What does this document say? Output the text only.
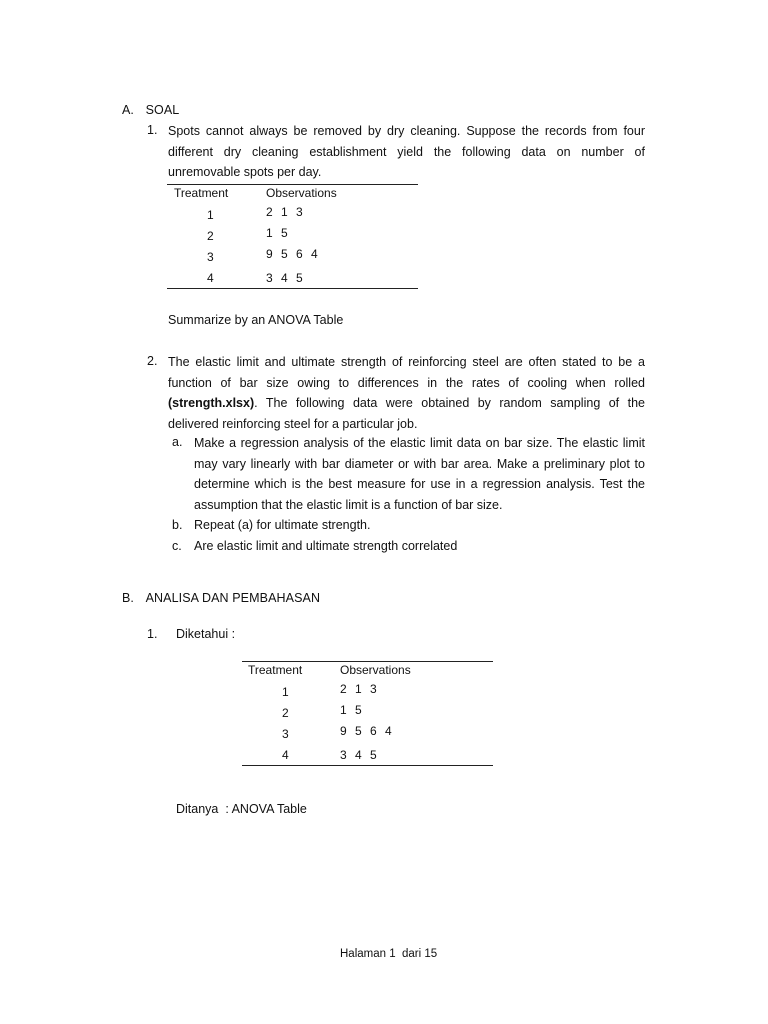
A. SOAL
1. Spots cannot always be removed by dry cleaning. Suppose the records from four different dry cleaning establishment yield the following data on number of unremovable spots per day.
Treatment	Observations
1	2 1 3
2	1 5
3	9 5 6 4
4	3 4 5
Summarize by an ANOVA Table
2. The elastic limit and ultimate strength of reinforcing steel are often stated to be a function of bar size owing to differences in the rates of cooling when rolled (strength.xlsx). The following data were obtained by random sampling of the delivered reinforcing steel for a particular job.
a. Make a regression analysis of the elastic limit data on bar size. The elastic limit may vary linearly with bar diameter or with bar area. Make a preliminary plot to determine which is the best measure for use in a regression analysis. Test the assumption that the elastic limit is a function of bar size.
b. Repeat (a) for ultimate strength.
c. Are elastic limit and ultimate strength correlated
B. ANALISA DAN PEMBAHASAN
1. Diketahui :
Treatment	Observations
1	2 1 3
2	1 5
3	9 5 6 4
4	3 4 5
Ditanya  : ANOVA Table
Halaman 1  dari 15
